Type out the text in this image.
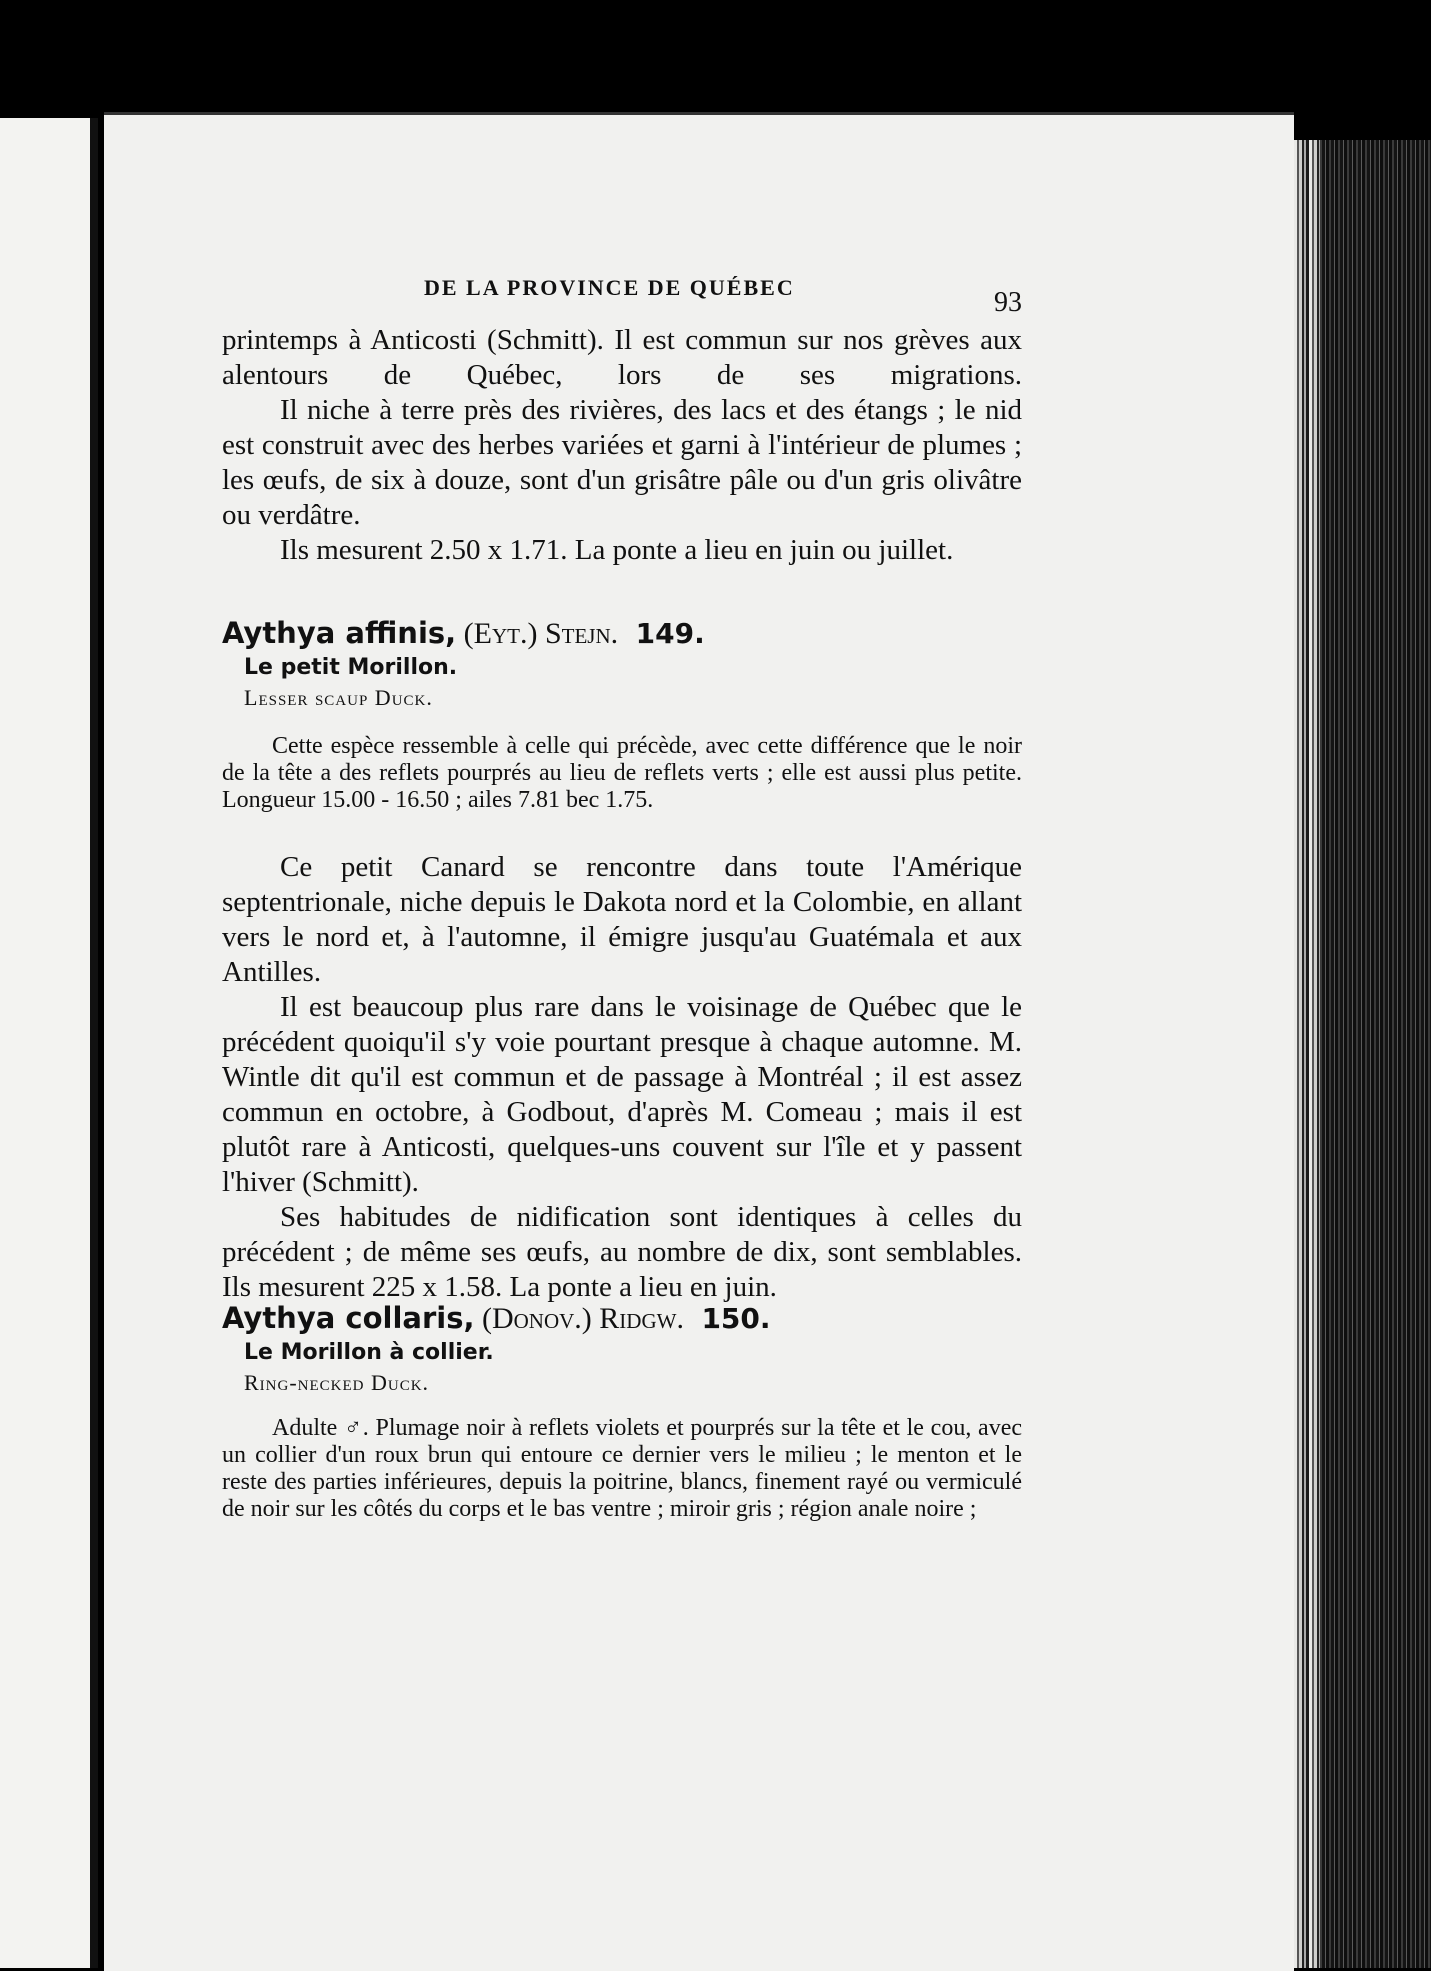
DE LA PROVINCE DE QUÉBEC	93
printemps à Anticosti (Schmitt). Il est commun sur nos grèves aux alentours de Québec, lors de ses migrations.
Il niche à terre près des rivières, des lacs et des étangs ; le nid est construit avec des herbes variées et garni à l'intérieur de plumes ; les œufs, de six à douze, sont d'un grisâtre pâle ou d'un gris olivâtre ou verdâtre.
Ils mesurent 2.50 x 1.71. La ponte a lieu en juin ou juillet.
Aythya affinis, (Eyt.) Stejn. 149.
Le petit Morillon.
Lesser scaup Duck.
Cette espèce ressemble à celle qui précède, avec cette différence que le noir de la tête a des reflets pourprés au lieu de reflets verts ; elle est aussi plus petite. Longueur 15.00 - 16.50 ; ailes 7.81 bec 1.75.
Ce petit Canard se rencontre dans toute l'Amérique septentrionale, niche depuis le Dakota nord et la Colombie, en allant vers le nord et, à l'automne, il émigre jusqu'au Guatémala et aux Antilles.
Il est beaucoup plus rare dans le voisinage de Québec que le précédent quoiqu'il s'y voie pourtant presque à chaque automne. M. Wintle dit qu'il est commun et de passage à Montréal ; il est assez commun en octobre, à Godbout, d'après M. Comeau ; mais il est plutôt rare à Anticosti, quelques-uns couvent sur l'île et y passent l'hiver (Schmitt).
Ses habitudes de nidification sont identiques à celles du précédent ; de même ses œufs, au nombre de dix, sont semblables. Ils mesurent 225 x 1.58. La ponte a lieu en juin.
Aythya collaris, (Donov.) Ridgw. 150.
Le Morillon à collier.
Ring-necked Duck.
Adulte ♂. Plumage noir à reflets violets et pourprés sur la tête et le cou, avec un collier d'un roux brun qui entoure ce dernier vers le milieu ; le menton et le reste des parties inférieures, depuis la poitrine, blancs, finement rayé ou vermiculé de noir sur les côtés du corps et le bas ventre ; miroir gris ; région anale noire ;
